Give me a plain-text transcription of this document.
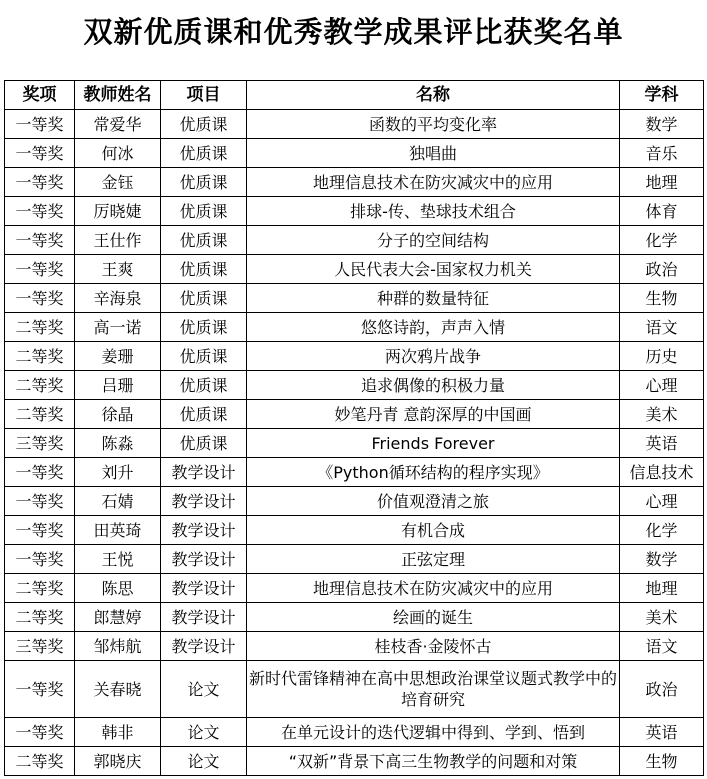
双新优质课和优秀教学成果评比获奖名单
奖项	教师姓名	项目	名称	学科
一等奖	常爱华	优质课	函数的平均变化率	数学
一等奖	何冰	优质课	独唱曲	音乐
一等奖	金钰	优质课	地理信息技术在防灾减灾中的应用	地理
一等奖	厉晓婕	优质课	排球-传、垫球技术组合	体育
一等奖	王仕作	优质课	分子的空间结构	化学
一等奖	王爽	优质课	人民代表大会-国家权力机关	政治
一等奖	辛海泉	优质课	种群的数量特征	生物
二等奖	高一诺	优质课	悠悠诗韵，声声入情	语文
二等奖	姜珊	优质课	两次鸦片战争	历史
二等奖	吕珊	优质课	追求偶像的积极力量	心理
二等奖	徐晶	优质课	妙笔丹青 意韵深厚的中国画	美术
三等奖	陈淼	优质课	Friends Forever	英语
一等奖	刘升	教学设计	《Python循环结构的程序实现》	信息技术
一等奖	石婧	教学设计	价值观澄清之旅	心理
一等奖	田英琦	教学设计	有机合成	化学
一等奖	王悦	教学设计	正弦定理	数学
二等奖	陈思	教学设计	地理信息技术在防灾减灾中的应用	地理
二等奖	郎慧婷	教学设计	绘画的诞生	美术
三等奖	邹炜航	教学设计	桂枝香·金陵怀古	语文
一等奖	关春晓	论文	新时代雷锋精神在高中思想政治课堂议题式教学中的培育研究	政治
一等奖	韩非	论文	在单元设计的迭代逻辑中得到、学到、悟到	英语
二等奖	郭晓庆	论文	“双新”背景下高三生物教学的问题和对策	生物
